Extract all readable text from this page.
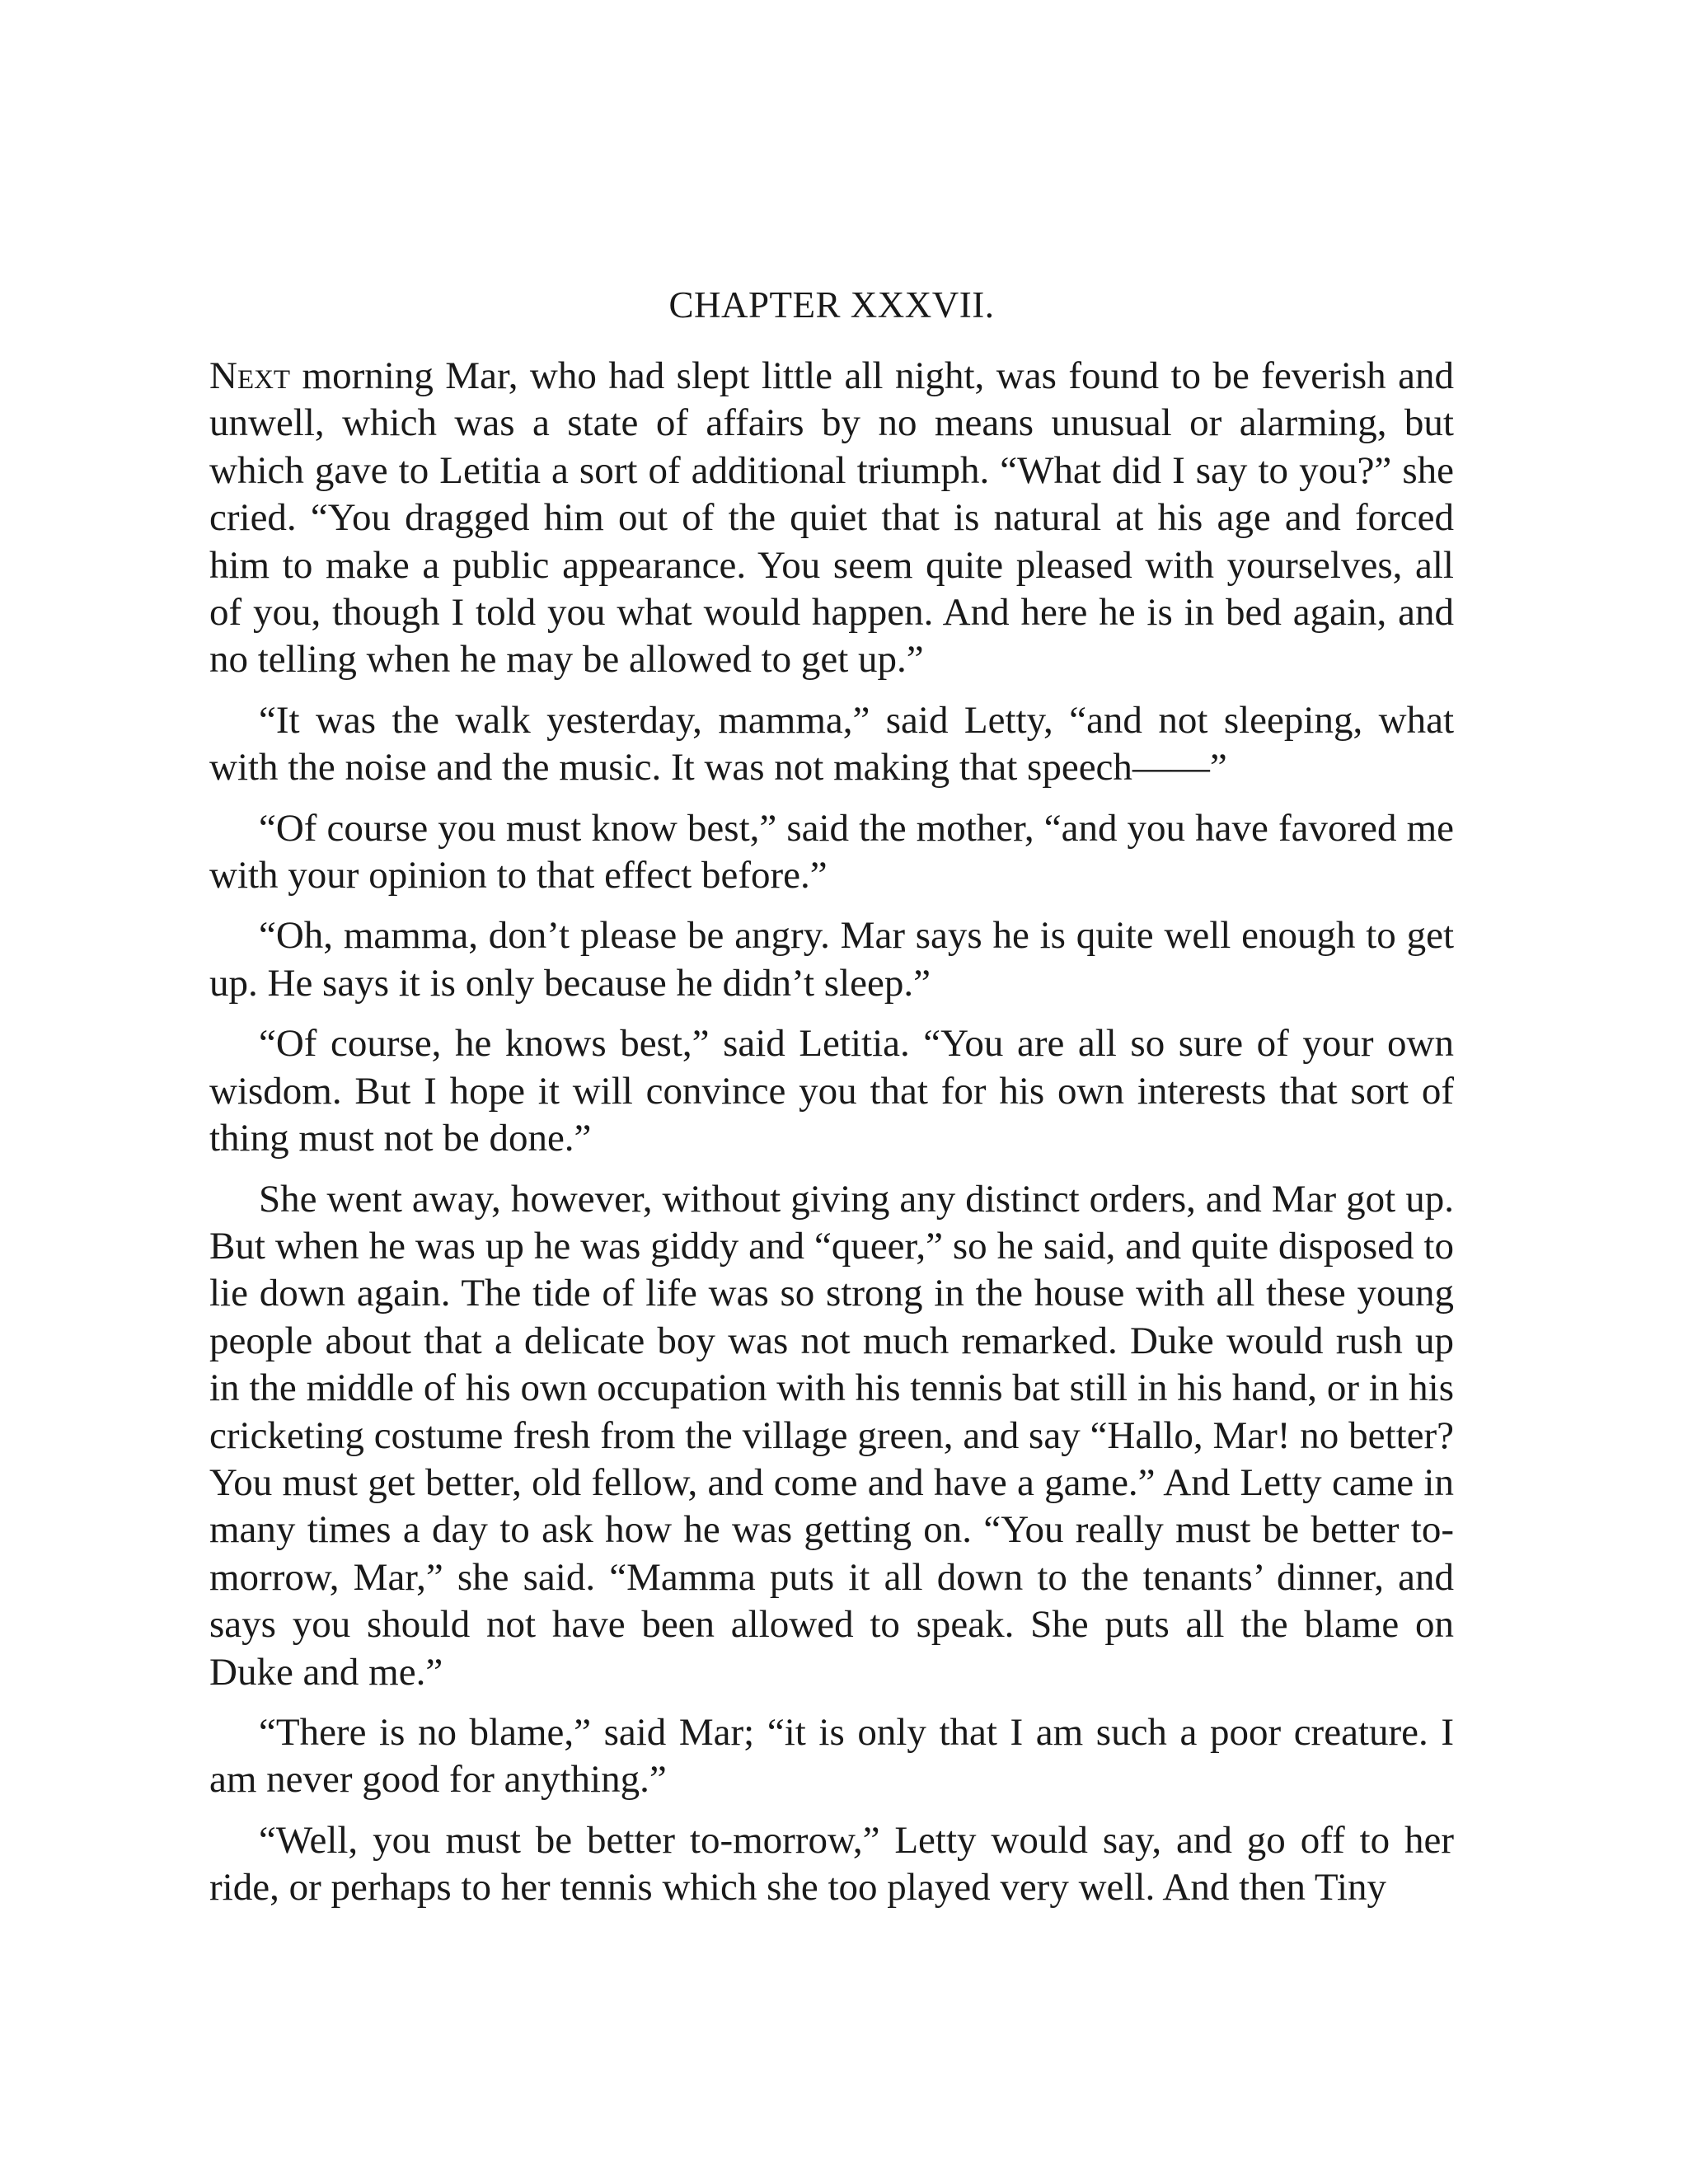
CHAPTER XXXVII.

Next morning Mar, who had slept little all night, was found to be feverish and unwell, which was a state of affairs by no means unusual or alarming, but which gave to Letitia a sort of additional triumph. “What did I say to you?” she cried. “You dragged him out of the quiet that is natural at his age and forced him to make a public appearance. You seem quite pleased with yourselves, all of you, though I told you what would happen. And here he is in bed again, and no telling when he may be allowed to get up.”

“It was the walk yesterday, mamma,” said Letty, “and not sleeping, what with the noise and the music. It was not making that speech——”

“Of course you must know best,” said the mother, “and you have favored me with your opinion to that effect before.”

“Oh, mamma, don’t please be angry. Mar says he is quite well enough to get up. He says it is only because he didn’t sleep.”

“Of course, he knows best,” said Letitia. “You are all so sure of your own wisdom. But I hope it will convince you that for his own interests that sort of thing must not be done.”

She went away, however, without giving any distinct orders, and Mar got up. But when he was up he was giddy and “queer,” so he said, and quite disposed to lie down again. The tide of life was so strong in the house with all these young people about that a delicate boy was not much remarked. Duke would rush up in the middle of his own occupation with his tennis bat still in his hand, or in his cricketing costume fresh from the village green, and say “Hallo, Mar! no better? You must get better, old fellow, and come and have a game.” And Letty came in many times a day to ask how he was getting on. “You really must be better to-morrow, Mar,” she said. “Mamma puts it all down to the tenants’ dinner, and says you should not have been allowed to speak. She puts all the blame on Duke and me.”

“There is no blame,” said Mar; “it is only that I am such a poor creature. I am never good for anything.”

“Well, you must be better to-morrow,” Letty would say, and go off to her ride, or perhaps to her tennis which she too played very well. And then Tiny
